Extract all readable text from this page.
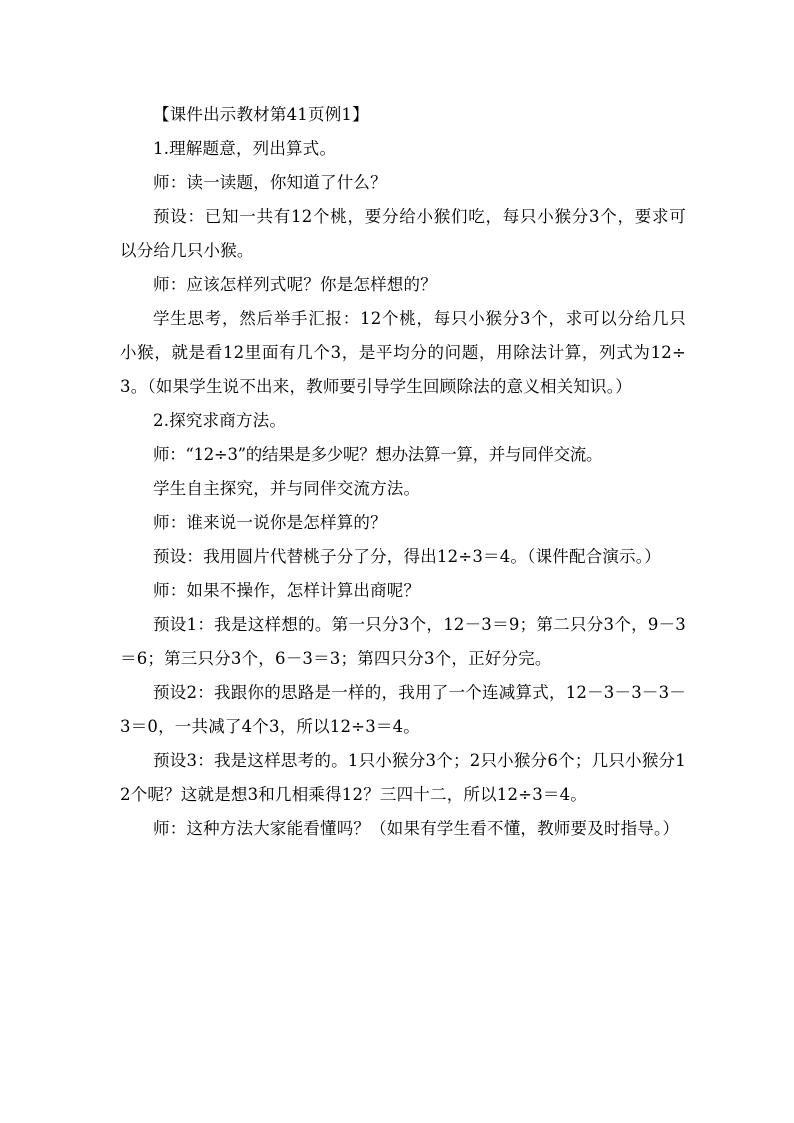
【课件出示教材第41页例1】

1.理解题意，列出算式。

师：读一读题，你知道了什么？

预设：已知一共有12个桃，要分给小猴们吃，每只小猴分3个，要求可以分给几只小猴。

师：应该怎样列式呢？你是怎样想的？

学生思考，然后举手汇报：12个桃，每只小猴分3个，求可以分给几只小猴，就是看12里面有几个3，是平均分的问题，用除法计算，列式为12÷3。（如果学生说不出来，教师要引导学生回顾除法的意义相关知识。）

2.探究求商方法。

师：“12÷3”的结果是多少呢？想办法算一算，并与同伴交流。

学生自主探究，并与同伴交流方法。

师：谁来说一说你是怎样算的？

预设：我用圆片代替桃子分了分，得出12÷3＝4。（课件配合演示。）

师：如果不操作，怎样计算出商呢？

预设1：我是这样想的。第一只分3个，12－3＝9；第二只分3个，9－3＝6；第三只分3个，6－3＝3；第四只分3个，正好分完。

预设2：我跟你的思路是一样的，我用了一个连减算式，12－3－3－3－3＝0，一共减了4个3，所以12÷3＝4。

预设3：我是这样思考的。1只小猴分3个；2只小猴分6个；几只小猴分12个呢？这就是想3和几相乘得12？三四十二，所以12÷3＝4。

师：这种方法大家能看懂吗？（如果有学生看不懂，教师要及时指导。）
